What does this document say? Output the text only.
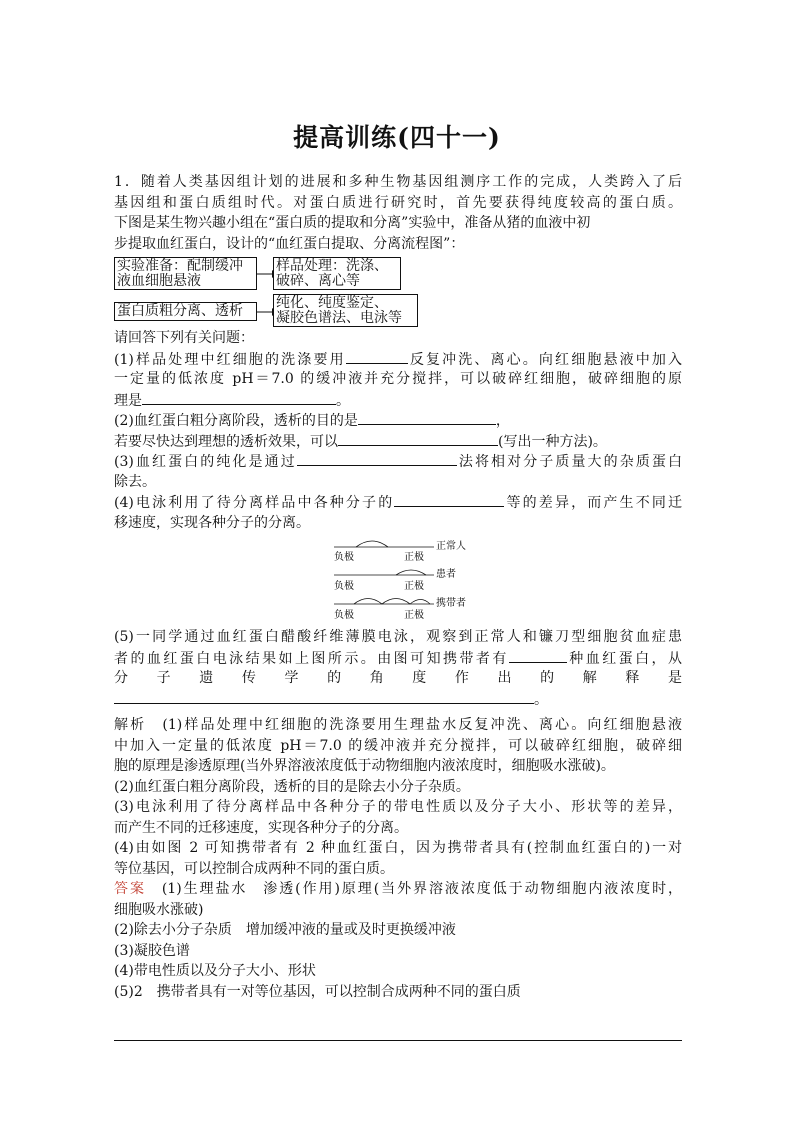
提高训练(四十一)
1．随着人类基因组计划的进展和多种生物基因组测序工作的完成，人类跨入了后
基因组和蛋白质组时代。对蛋白质进行研究时，首先要获得纯度较高的蛋白质。
下图是某生物兴趣小组在“蛋白质的提取和分离”实验中，准备从猪的血液中初
步提取血红蛋白，设计的“血红蛋白提取、分离流程图”：
实验准备：配制缓冲
液血细胞悬液
样品处理：洗涤、
破碎、离心等
蛋白质粗分离、透析	纯化、纯度鉴定、
凝胶色谱法、电泳等
请回答下列有关问题：
(1)样品处理中红细胞的洗涤要用	反复冲洗、离心。向红细胞悬液中加入
一定量的低浓度 pH＝7.0 的缓冲液并充分搅拌，可以破碎红细胞，破碎细胞的原
理是	。
(2)血红蛋白粗分离阶段，透析的目的是	，
若要尽快达到理想的透析效果，可以	(写出一种方法)。
(3)血红蛋白的纯化是通过	法将相对分子质量大的杂质蛋白
除去。
(4)电泳利用了待分离样品中各种分子的	等的差异，而产生不同迁
移速度，实现各种分子的分离。
负极	正极
正常人
负极	正极
患者
负极	正极
携带者
(5)一同学通过血红蛋白醋酸纤维薄膜电泳，观察到正常人和镰刀型细胞贫血症患
者的血红蛋白电泳结果如上图所示。由图可知携带者有	种血红蛋白，从
分子遗传学的角度作出的解释是
。
解析　 (1)样品处理中红细胞的洗涤要用生理盐水反复冲洗、离心。向红细胞悬液
中加入一定量的低浓度 pH＝7.0 的缓冲液并充分搅拌，可以破碎红细胞，破碎细
胞的原理是渗透原理(当外界溶液浓度低于动物细胞内液浓度时，细胞吸水涨破)。
(2)血红蛋白粗分离阶段，透析的目的是除去小分子杂质。
(3)电泳利用了待分离样品中各种分子的带电性质以及分子大小、形状等的差异，
而产生不同的迁移速度，实现各种分子的分离。
(4)由如图 2 可知携带者有 2 种血红蛋白，因为携带者具有(控制血红蛋白的)一对
等位基因，可以控制合成两种不同的蛋白质。
答案　 (1)生理盐水　渗透(作用)原理(当外界溶液浓度低于动物细胞内液浓度时，
细胞吸水涨破)
(2)除去小分子杂质　增加缓冲液的量或及时更换缓冲液
(3)凝胶色谱
(4)带电性质以及分子大小、形状
(5)2　携带者具有一对等位基因，可以控制合成两种不同的蛋白质
